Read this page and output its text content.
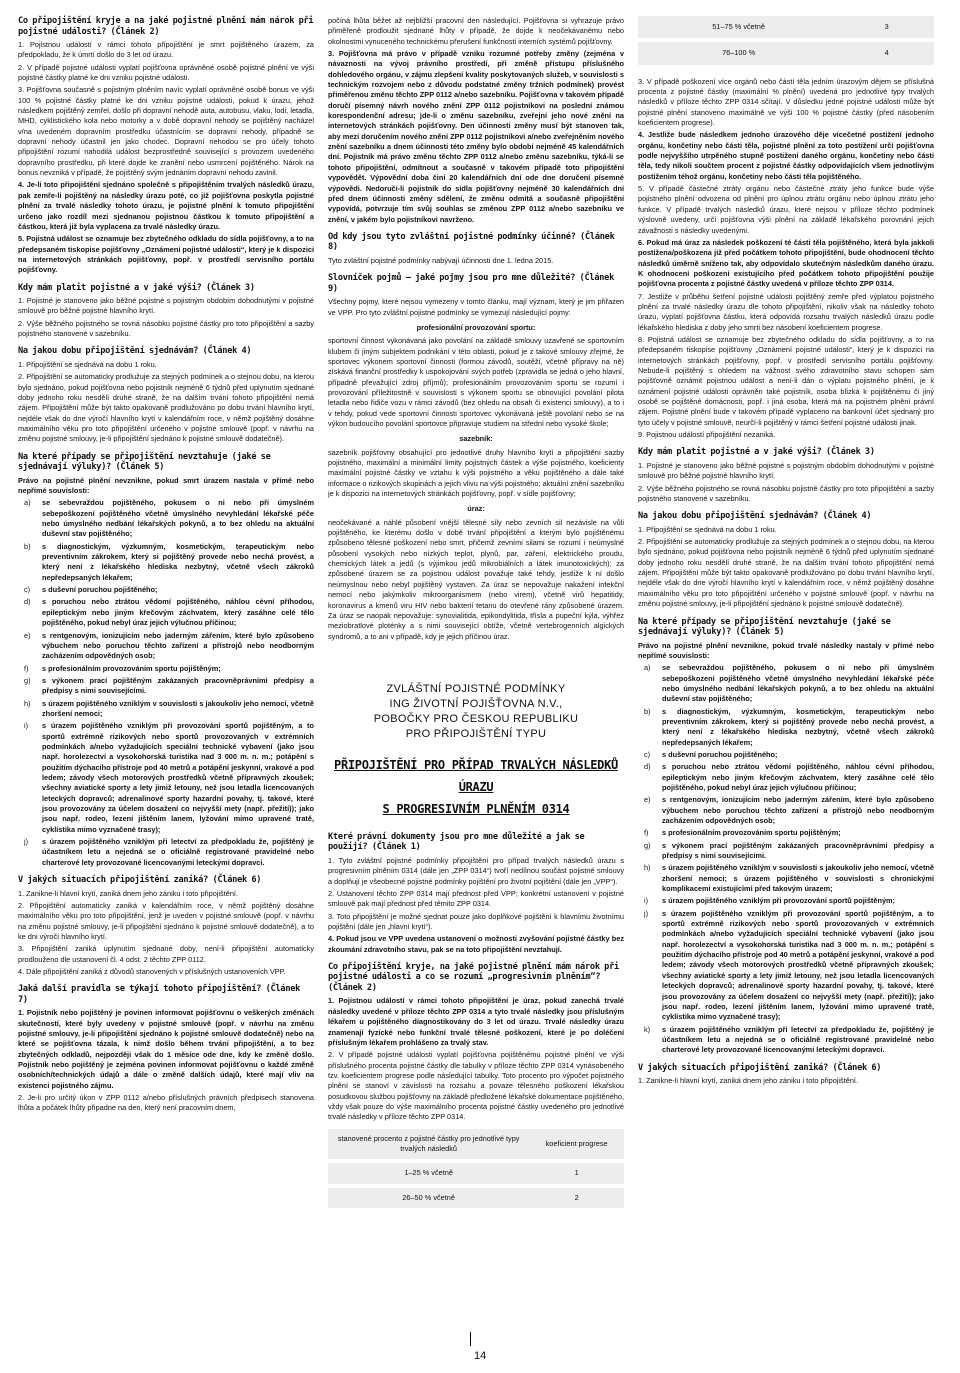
Co připojištění kryje a na jaké pojistné plnění mám nárok při pojistné události? (Článek 2)
1. Pojistnou událostí v rámci tohoto připojištění je smrt pojištěného úrazem, za předpokladu, že k úmrtí došlo do 3 let od úrazu.
2. V případě pojistné události vyplatí pojišťovna oprávněné osobě pojistné plnění ve výši pojistné částky platné ke dni vzniku pojistné události.
3. Pojišťovna současně s pojistným plněním navíc vyplatí oprávněné osobě bonus ve výši 100 % pojistné částky platné ke dni vzniku pojistné události, pokud k úrazu, jehož následkem pojištěný zemřel, došlo při dopravní nehodě auta, autobusu, vlaku, lodi, letadla, MHD, cyklistického kola nebo motorky a v době dopravní nehody se pojištěný nacházel v/na uvedeném dopravním prostředku účastnícím se dopravní nehody, případně se dopravní nehody účastnil jen jako chodec. Dopravní nehodou se pro účely tohoto připojištění rozumí nahodilá událost bezprostředně související s provozem uvedeného dopravního prostředku, při které dojde ke zranění nebo usmrcení pojištěného. Nárok na bonus nevzniká v případě, že pojištěný svým jednáním dopravní nehodu zavinil.
4. Je-li toto připojištění sjednáno společně s připojištěním trvalých následků úrazu, pak zemře-li pojištěný na následky úrazu poté, co již pojišťovna poskytla pojistné plnění za trvalé následky tohoto úrazu, je pojistné plnění k tomuto připojištění určeno jako rozdíl mezi sjednanou pojistnou částkou k tomuto připojištění a částkou, která již byla vyplacena za trvalé následky úrazu.
5. Pojistná událost se oznamuje bez zbytečného odkladu do sídla pojišťovny, a to na předepsaném tiskopise pojišťovny „Oznámení pojistné události“, který je k dispozici na internetových stránkách pojišťovny, popř. v prostředí servisního portálu pojišťovny.
Kdy mám platit pojistné a v jaké výši? (Článek 3)
1. Pojistné je stanoveno jako běžné pojistné s pojistným obdobím dohodnutými v pojistné smlouvě pro běžné pojistné hlavního krytí.
2. Výše běžného pojistného se rovná násobku pojistné částky pro toto připojištění a sazby pojistného stanovené v sazebníku.
Na jakou dobu připojištění sjednávám? (Článek 4)
1. Připojištění se sjednává na dobu 1 roku.
2. Připojištění se automaticky prodlužuje za stejných podmínek a o stejnou dobu, na kterou bylo sjednáno, pokud pojišťovna nebo pojistník nejméně 6 týdnů před uplynutím sjednané doby jednoho roku nesdělí druhé straně, že na dalším trvání tohoto připojištění nemá zájem. Připojištění může být takto opakovaně prodlužováno po dobu trvání hlavního krytí, nejdéle však do dne výročí hlavního krytí v kalendářním roce, v němž pojištěný dosáhne maximálního věku pro toto připojištění určeného v pojistné smlouvě (popř. v návrhu na změnu pojistné smlouvy, je-li připojištění sjednáno k pojistné smlouvě dodatečně).
Na které případy se připojištění nevztahuje (jaké se sjednávají výluky)? (Článek 5)

Právo na pojistné plnění nevznikne, pokud smrt úrazem nastala v přímé nebo nepřímé souvislosti:

a)	se sebevraždou pojištěného, pokusem o ni nebo při úmyslném sebepoškození pojištěného včetně úmyslného nevyhledání lékařské péče nebo úmyslného nedbání lékařských pokynů, a to bez ohledu na aktuální duševní stav pojištěného;
b)	s diagnostickým, výzkumným, kosmetickým, terapeutickým nebo preventivním zákrokem, který si pojištěný provede nebo nechá provést, a který není z lékařského hlediska nezbytný, včetně všech zákroků nepředepsaných lékařem;
c)	s duševní poruchou pojištěného;
d)	s poruchou nebo ztrátou vědomí pojištěného, náhlou cévní příhodou, epileptickým nebo jiným křečovým záchvatem, který zasáhne celé tělo pojištěného, pokud nebyl úraz jejich výlučnou příčinou;
e)	s rentgenovým, ionizujícím nebo jaderným zářením, které bylo způsobeno výbuchem nebo poruchou těchto zařízení a přístrojů nebo neodborným zacházením odpovědných osob;
f)	s profesionálním provozováním sportu pojištěným;
g)	s výkonem prací pojištěným zakázaných pracovněprávními předpisy a předpisy s nimi souvisejícími.
h)	s úrazem pojištěného vzniklým v souvislosti s jakoukoliv jeho nemocí, včetně zhoršení nemoci;
i)	s úrazem pojištěného vzniklým při provozování sportů pojištěným, a to sportů extrémně rizikových nebo sportů provozovaných v extrémních podmínkách a/nebo vyžadujících speciální technické vybavení (jako jsou např. horolezectví a vysokohorská turistika nad 3 000 m. n. m.; potápění s použitím dýchacího přístroje pod 40 metrů a potápění jeskynní, vrakové a pod ledem; závody všech motorových prostředků včetně přípravných zkoušek; všechny aviatické sporty a lety jimiž letouny, než jsou letadla licencovaných leteckých dopravců; adrenalinové sporty hazardní povahy, tj. takové, které jsou provozovány za účelem dosažení co nejvyšší mety (např. přežití)); jako jsou např. rodeo, lezení jištěním lanem, lyžování mimo upravené tratě, cyklistika mimo vyznačené trasy);
j)	s úrazem pojištěného vzniklým při letectví za předpokladu že, pojištěný je účastníkem letu a nejedná se o oficiálně registrované pravidelné nebo charterové lety provozované licencovanými leteckými dopravci.
V jakých situacích připojištění zaniká? (Článek 6)
1. Zanikne-li hlavní krytí, zaniká dnem jeho zániku i toto připojištění.
2. Připojištění automaticky zaniká v kalendářním roce, v němž pojištěný dosáhne maximálního věku pro toto připojištění, jenž je uveden v pojistné smlouvě (popř. v návrhu na změnu pojistné smlouvy, je-li připojištění sjednáno k pojistné smlouvě dodatečně), a to ke dni výročí hlavního krytí.
3. Připojištění zaniká uplynutím sjednané doby, není-li připojištění automaticky prodlouženo dle ustanovení čl. 4 odst. 2 těchto ZPP 0112.
4. Dále připojištění zaniká z důvodů stanovených v příslušných ustanoveních VPP.
Jaká další pravidla se týkají tohoto připojištění? (Článek 7)
1. Pojistník nebo pojištěný je povinen informovat pojišťovnu o veškerých změnách skutečností, které byly uvedeny v pojistné smlouvě (popř. v návrhu na změnu pojistné smlouvy, je-li připojištění sjednáno k pojistné smlouvě dodatečně) nebo na které se pojišťovna tázala, k nimž došlo během trvání připojištění, a to bez zbytečných odkladů, nejpozději však do 1 měsíce ode dne, kdy ke změně došlo. Pojistník nebo pojištěný je zejména povinen informovat pojišťovnu o každé změně osobních/technických údajů a dále o změně dalších údajů, které mají vliv na existenci pojistného zájmu.
2. Je-li pro určitý úkon v ZPP 0112 a/nebo příslušných právních předpisech stanovena lhůta a počátek lhůty připadne na den, který není pracovním dnem,

počíná lhůta běžet až nejbližší pracovní den následující. Pojišťovna si vyhrazuje právo přiměřeně prodloužit sjednané lhůty v případě, že dojde k neočekávanému nebo okolnostmi vynuceného technickému přerušení funkčnosti interních systémů pojišťovny.

3. Pojišťovna má právo v případě vzniku rozumné potřeby změny (zejména v návaznosti na vývoj právního prostředí, při změně přístupu příslušného dohledového orgánu, v zájmu zlepšení kvality poskytovaných služeb, v souvislosti s technickým rozvojem nebo z důvodu podstatné změny tržních podmínek) provést přiměřenou změnu těchto ZPP 0112 a/nebo sazebníku. Pojišťovna v takovém případě doručí písemný návrh nového znění ZPP 0112 pojistníkovi na poslední známou korespondenční adresu; jde-li o změnu sazebníku, zveřejní jeho nové znění na internetových stránkách pojišťovny. Den účinnosti změny musí být stanoven tak, aby mezi doručením nového znění ZPP 0112 pojistníkovi a/nebo zveřejněním nového znění sazebníku a dnem účinnosti této změny bylo období nejméně 45 kalendářních dní. Pojistník má právo změnu těchto ZPP 0112 a/nebo změnu sazebníku, týká-li se tohoto připojištění, odmítnout a současně v takovém případě toto připojištění vypovědět. Výpovědní doba činí 20 kalendářních dní ode dne doručení písemné výpovědi. Nedoručí-li pojistník do sídla pojišťovny nejméně 30 kalendářních dní před dnem účinnosti změny sdělení, že změnu odmítá a současně připojištění vypovídá, potvrzuje tím svůj souhlas se změnou ZPP 0112 a/nebo sazebníku ve znění, v jakém bylo pojistníkovi navrženo.
Od kdy jsou tyto zvláštní pojistné podmínky účinné? (Článek 8)

Tyto zvláštní pojistné podmínky nabývají účinnosti dne 1. ledna 2015.

Slovníček pojmů – jaké pojmy jsou pro mne důležité? (Článek 9)

Všechny pojmy, které nejsou vymezeny v tomto článku, mají význam, který je jim přiřazen ve VPP. Pro tyto zvláštní pojistné podmínky se vymezují následující pojmy:

profesionální provozování sportu:

sportovní činnost vykonávaná jako povolání na základě smlouvy uzavřené se sportovním klubem či jiným subjektem podnikání v této oblasti, pokud je z takové smlouvy zřejmé, že sportovec výkonem sportovní činnosti (formou závodů, soutěží, včetně přípravy na ně) získává finanční prostředky k uspokojování svých potřeb (zpravidla se jedná o jeho hlavní, případně převažující zdroj příjmů); profesionálním provozováním sportu se rozumí i provozování příležitostně v souvislosti s výkonem sportu se obnovující povolání pilota letadla nebo řidiče vozu v rámci závodů (bez ohledu na obsah či existenci smlouvy), a to i v tehdy, pokud vede sportovní činnosti sportovec vykonávaná ještě povolání nebo se na výkon budoucího povolání sportovce připravuje studiem na střední nebo vysoké škole;

sazebník:

sazebník pojišťovny obsahující pro jednotlivé druhy hlavního krytí a připojištění sazby pojistného, maximální a minimální limity pojistných částek a výše pojistného, koeficienty maximální pojistné částky ve vztahu k výši pojistného a věku pojištěného a dále také informace o rizikových skupinách a jejich vlivu na výši pojistného; aktuální znění sazebníku je k dispozici na internetových stránkách pojišťovny, popř. v sídle pojišťovny;

úraz:

neočekávané a náhlé působení vnější tělesné síly nebo zevních sil nezávisle na vůli pojištěného, ke kterému došlo v době trvání připojištění a kterým bylo pojištěnému způsobeno tělesné poškození nebo smrt, přičemž zevními silami se rozumí i neúmyslné působení vysokých nebo nízkých teplot, plynů, par, záření, elektrického proudu, chemických látek a jedů (s výjimkou jedů mikrobiálních a látek imunotoxických); za způsobené úrazem se za pojistnou událost považuje také tehdy, jestliže k ní došlo neúmyslnou nebo nebyl pojištěný vystaven. Za úraz se nepovažuje nakažení infekční nemocí nebo jakýmkoliv mikroorganismem (nebo virem), včetně virů hepatitidy, koronavirus a kmenů viru HIV nebo bakterií tetanu do otevřené rány způsobené úrazem. Za úraz se naopak nepovažuje: synovialitida, epikondylitida, třísla a pupeční kýla, výhřez meziobratlové ploténky a s nimi související obtíže, včetně vertebrogenních algických syndromů, a to ani v případě, kdy je jejich příčinou úraz.

ZVLÁŠTNÍ POJISTNÉ PODMÍNKY
ING ŽIVOTNÍ POJIŠŤOVNA N.V.,
POBOČKY PRO ČESKOU REPUBLIKU
PRO PŘIPOJIŠTĚNÍ TYPU
PŘIPOJIŠTĚNÍ PRO PŘÍPAD TRVALÝCH NÁSLEDKŮ ÚRAZU
S PROGRESIVNÍM PLNĚNÍM 0314
Které právní dokumenty jsou pro mne důležité a jak se použijí? (Článek 1)
1. Tyto zvláštní pojistné podmínky připojištění pro případ trvalých následků úrazu s progresivním plněním 0314 (dále jen „ZPP 0314“) tvoří nedílnou součást pojistné smlouvy a doplňují je všeobecné pojistné podmínky pojištění pro životní pojištění (dále jen „VPP“).
2. Ustanovení těchto ZPP 0314 mají přednost před VPP; konkrétní ustanovení v pojistné smlouvě pak mají přednost před těmito ZPP 0314.
3. Toto připojištění je možné sjednat pouze jako doplňkové pojištění k hlavnímu životnímu pojištění (dále jen „hlavní krytí“).
4. Pokud jsou ve VPP uvedena ustanovení o možnosti zvyšování pojistné částky bez zkoumání zdravotního stavu, pak se na toto připojištění nevztahují.
Co připojištění kryje, na jaké pojistné plnění mám nárok při pojistné události a co se rozumí „progresivním plněním“? (Článek 2)
1. Pojistnou událostí v rámci tohoto připojištění je úraz, pokud zanechá trvalé následky uvedené v příloze těchto ZPP 0314 a tyto trvalé následky jsou příslušným lékařem u pojištěného diagnostikovány do 3 let od úrazu. Trvalé následky úrazu znamenají fyzické nebo funkční trvalé tělesné poškození, které je po doléčení příslušným lékařem prohlášeno za trvalý stav.
2. V případě pojistné události vyplatí pojišťovna pojištěnému pojistné plnění ve výši příslušného procenta pojistné částky dle tabulky v příloze těchto ZPP 0314 vynásobeného tzv. koeficientem progrese podle následující tabulky. Toto procento pro výpočet pojistného plnění se stanoví v závislosti na rozsahu a povaze tělesného poškození lékařskou posudkovou službou pojišťovny na základě předložené lékařské dokumentace pojištěného, vždy však pouze do výše maximálního procenta pojistné částky uvedeného pro jednotlivé trvalé následky v příloze těchto ZPP 0314.
stanovené procento z pojistné částky pro jednotlivé typy trvalých následků	koeficient progrese
1–25 % včetně	1
26–50 % včetně	2
51–75 % včetně	3
76–100 %	4
3. V případě poškození více orgánů nebo částí těla jedním úrazovým dějem se příslušná procenta z pojistné částky (maximální % plnění) uvedená pro jednotlivé typy trvalých následků v příloze těchto ZPP 0314 sčítají. V důsledku jedné pojistné události může být pojistné plnění stanoveno maximálně ve výši 100 % pojistné částky (před násobením koeficientem progrese).
4. Jestliže bude následkem jednoho úrazového děje vícečetné postižení jednoho orgánu, končetiny nebo části těla, pojistné plnění za toto postižení určí pojišťovna podle nejvyššího utrpěného stupně postižení daného orgánu, končetiny nebo části těla, tedy nikoli součtem procent z pojistné částky odpovídajících všem jednotlivým postižením téhož orgánu, končetiny nebo části těla pojištěného.
5. V případě částečné ztráty orgánu nebo částečné ztráty jeho funkce bude výše pojistného plnění odvozena od plnění pro úplnou ztrátu orgánu nebo úplnou ztrátu jeho funkce. V případě trvalých následků úrazu, které nejsou v příloze těchto podmínek výslovně uvedeny, určí pojišťovna výši plnění na základě lékařského porovnání jejich závažnosti s následky uvedenými.
6. Pokud má úraz za následek poškození té části těla pojištěného, která byla jakkoli postižena/poškozena již před počátkem tohoto připojištění, bude ohodnocení těchto následků úměrně sníženo tak, aby odpovídalo skutečným následkům daného úrazu. K ohodnocení poškození existujícího před počátkem tohoto připojištění použije pojišťovna procenta z pojistné částky uvedená v příloze těchto ZPP 0314.
7. Jestliže v průběhu šetření pojistné události pojištěný zemře před výplatou pojistného plnění za trvalé následky úrazu dle tohoto připojištění, nikoliv však na následky tohoto úrazu, vyplatí pojišťovna částku, která odpovídá rozsahu trvalých následků úrazu podle lékařského hlediska z doby jeho smrti bez násobení koeficientem progrese.
8. Pojistná událost se oznamuje bez zbytečného odkladu do sídla pojišťovny, a to na předepsaném tiskopise pojišťovny „Oznámení pojistné události“, který je k dispozici na internetových stránkách pojišťovny, popř. v prostředí servisního portálu pojišťovny. Nebude-li pojištěný s ohledem na vážnost svého zdravotního stavu schopen sám pojišťovně oznámit pojistnou událost a není-li dán o výplatu pojistného plnění, je k oznámení pojistné události oprávněn také pojistník, osoba blízká k pojištěnému či jiný osobě se pojištěné domácnosti, popř. i jiná osoba, která má na pojistném plnění právní zájem. Pojistné plnění bude v takovém případě vyplaceno na bankovní účet sjednaný pro tyto účely v pojistné smlouvě, neurčí-li pojištěný v rámci šetření pojistné události jinak.
9. Pojistnou událostí připojištění nezaniká.
Kdy mám platit pojistné a v jaké výši? (Článek 3)
1. Pojistné je stanoveno jako běžné pojistné s pojistným obdobím dohodnutými v pojistné smlouvě pro běžné pojistné hlavního krytí.
2. Výše běžného pojistného se rovná násobku pojistné částky pro toto připojištění a sazby pojistného stanovené v sazebníku.
Na jakou dobu připojištění sjednávám? (Článek 4)
1. Připojištění se sjednává na dobu 1 roku.
2. Připojištění se automaticky prodlužuje za stejných podmínek a o stejnou dobu, na kterou bylo sjednáno, pokud pojišťovna nebo pojistník nejméně 6 týdnů před uplynutím sjednané doby jednoho roku nesdělí druhé straně, že na dalším trvání tohoto připojištění nemá zájem. Připojištění může být takto opakovaně prodlužováno po dobu trvání hlavního krytí, nejdéle však do dne výročí hlavního krytí v kalendářním roce, v němž pojištěný dosáhne maximálního věku pro toto připojištění určeného v pojistné smlouvě (popř. v návrhu na změnu pojistné smlouvy, je-li připojištění sjednáno k pojistné smlouvě dodatečně).
Na které případy se připojištění nevztahuje (jaké se sjednávají výluky)? (Článek 5)

Právo na pojistné plnění nevznikne, pokud trvalé následky nastaly v přímé nebo nepřímé souvislosti:

a)	se sebevraždou pojištěného, pokusem o ni nebo při úmyslném sebepoškození pojištěného včetně úmyslného nevyhledání lékařské péče nebo úmyslného nedbání lékařských pokynů, a to bez ohledu na aktuální duševní stav pojištěného;
b)	s diagnostickým, výzkumným, kosmetickým, terapeutickým nebo preventivním zákrokem, který si pojištěný provede nebo nechá provést, a který není z lékařského hlediska nezbytný, včetně všech zákroků nepředepsaných lékařem;
c)	s duševní poruchou pojištěného;
d)	s poruchou nebo ztrátou vědomí pojištěného, náhlou cévní příhodou, epileptickým nebo jiným křečovým záchvatem, který zasáhne celé tělo pojištěného, pokud nebyl úraz jejich výlučnou příčinou;
e)	s rentgenovým, ionizujícím nebo jaderným zářením, které bylo způsobeno výbuchem nebo poruchou těchto zařízení a přístrojů nebo neodborným zacházením odpovědných osob;
f)	s profesionálním provozováním sportu pojištěným;
g)	s výkonem prací pojištěným zakázaných pracovněprávními předpisy a předpisy s nimi souvisejícími.
h)	s úrazem pojištěného vzniklým v souvislosti s jakoukoliv jeho nemocí, včetně zhoršení nemoci; s úrazem pojištěného v souvislosti s chronickými komplikacemi existujícími před takovým úrazem;
i)	s úrazem pojištěného vzniklým při provozování sportů pojištěným;
j)	s úrazem pojištěného vzniklým při provozování sportů pojištěným, a to sportů extrémně rizikových nebo sportů provozovaných v extrémních podmínkách a/nebo vyžadujících speciální technické vybavení (jako jsou např. horolezectví a vysokohorská turistika nad 3 000 m. n. m.; potápění s použitím dýchacího přístroje pod 40 metrů a potápění jeskynní, vrakové a pod ledem; závody všech motorových prostředků včetně přípravných zkoušek; všechny aviatické sporty a lety jimiž letouny, než jsou letadla licencovaných leteckých dopravců; adrenalinové sporty hazardní povahy, tj. takové, které jsou provozovány za účelem dosažení co nejvyšší mety (např. přežití)); jako jsou např. rodeo, lezení jištěním lanem, lyžování mimo upravené tratě, cyklistika mimo vyznačené trasy);
k)	s úrazem pojištěného vzniklým při letectví za předpokladu že, pojištěný je účastníkem letu a nejedná se o oficiálně registrované pravidelné nebo charterové lety provozované licencovanými leteckými dopravci.
V jakých situacích připojištění zaniká? (Článek 6)
1. Zanikne-li hlavní krytí, zaniká dnem jeho zániku i toto připojištění.
14
